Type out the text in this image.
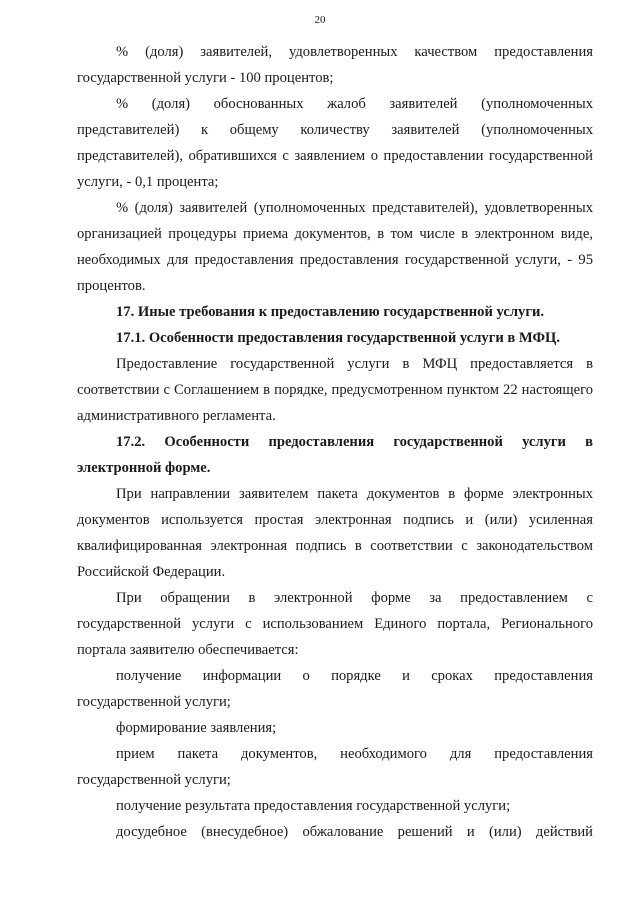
20

% (доля) заявителей, удовлетворенных качеством предоставления государственной услуги - 100 процентов;

% (доля) обоснованных жалоб заявителей (уполномоченных представителей) к общему количеству заявителей (уполномоченных представителей), обратившихся с заявлением о предоставлении государственной услуги, - 0,1 процента;

% (доля) заявителей (уполномоченных представителей), удовлетворенных организацией процедуры приема документов, в том числе в электронном виде, необходимых для предоставления предоставления государственной услуги, - 95 процентов.

17. Иные требования к предоставлению государственной услуги.

17.1. Особенности предоставления государственной услуги в МФЦ.

Предоставление государственной услуги в МФЦ предоставляется в соответствии с Соглашением в порядке, предусмотренном пунктом 22 настоящего административного регламента.

17.2. Особенности предоставления государственной услуги в электронной форме.

При направлении заявителем пакета документов в форме электронных документов используется простая электронная подпись и (или) усиленная квалифицированная электронная подпись в соответствии с законодательством Российской Федерации.

При обращении в электронной форме за предоставлением с государственной услуги с использованием Единого портала, Регионального портала заявителю обеспечивается:

получение информации о порядке и сроках предоставления государственной услуги;

формирование заявления;

прием пакета документов, необходимого для предоставления государственной услуги;

получение результата предоставления государственной услуги;

досудебное (внесудебное) обжалование решений и (или) действий
